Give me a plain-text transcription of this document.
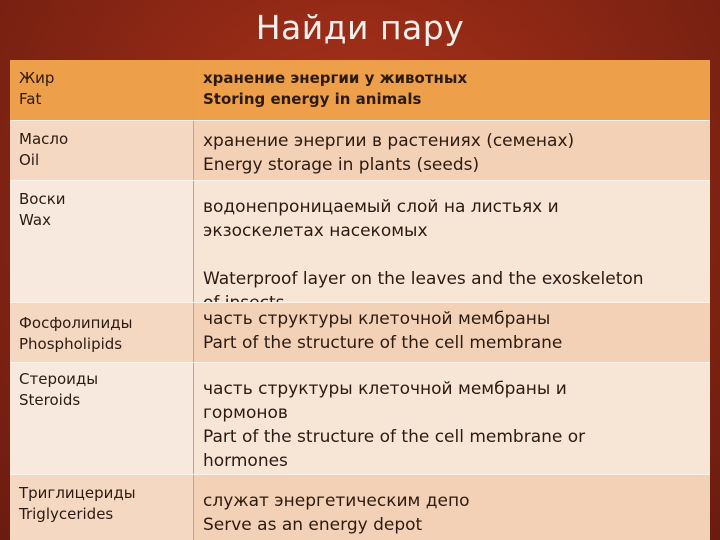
Найди пару
Жир
Fat
хранение энергии у животных
Storing energy in animals
Масло
Oil
хранение энергии в растениях (семенах)
Energy storage in plants (seeds)
Воски
Wax
водонепроницаемый слой на листьях и
экзоскелетах насекомых
Waterproof layer on the leaves and the exoskeleton
Фосфолипиды
Phospholipids
часть структуры клеточной мембраны
Part of the structure of the cell membrane
Стероиды
Steroids
часть структуры клеточной мембраны и
гормонов
Part of the structure of the cell membrane or
hormones
Триглицериды
Triglycerides
служат энергетическим депо
Serve as an energy depot
